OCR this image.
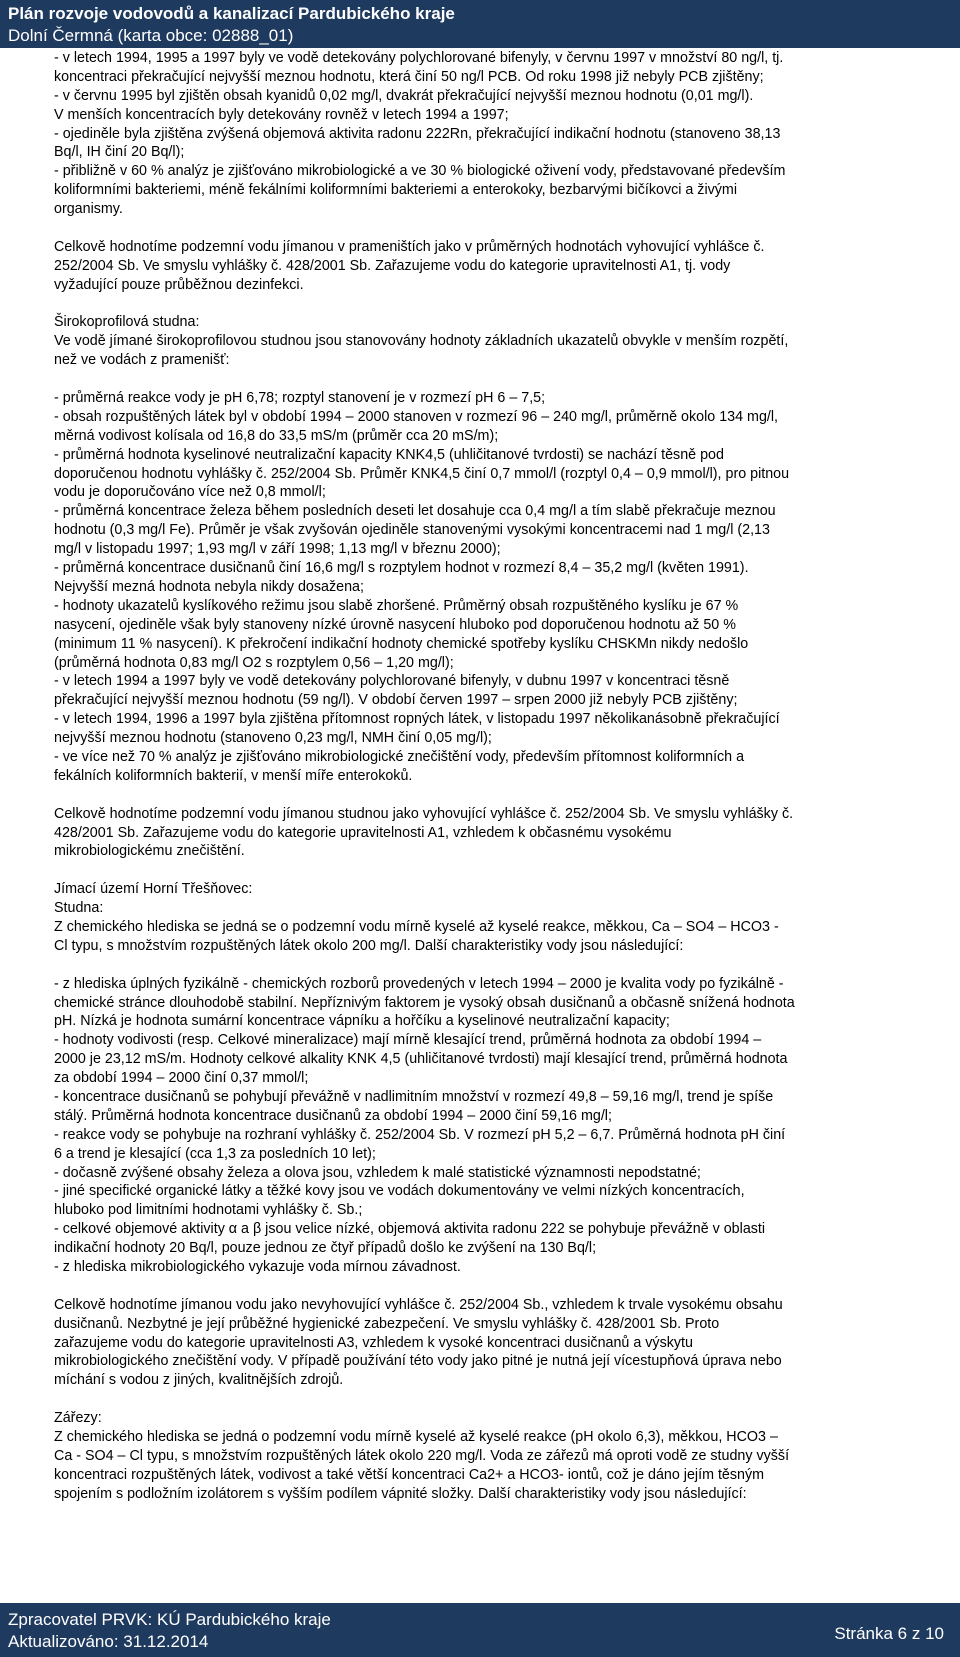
Plán rozvoje vodovodů a kanalizací Pardubického kraje

Dolní Čermná (karta obce: 02888_01)

- v letech 1994, 1995 a 1997 byly ve vodě detekovány polychlorované bifenyly, v červnu 1997 v množství 80 ng/l, tj.

koncentraci překračující nejvyšší meznou hodnotu, která činí 50 ng/l PCB. Od roku 1998 již nebyly PCB zjištěny;

- v červnu 1995 byl zjištěn obsah kyanidů 0,02 mg/l, dvakrát překračující nejvyšší meznou hodnotu (0,01 mg/l).

V menších koncentracích byly detekovány rovněž v letech 1994 a 1997;

- ojediněle byla zjištěna zvýšená objemová aktivita radonu 222Rn, překračující indikační hodnotu (stanoveno 38,13

Bq/l, IH činí 20 Bq/l);

- přibližně v 60 % analýz je zjišťováno mikrobiologické a ve 30 % biologické oživení vody, představované především

koliformními bakteriemi, méně fekálními koliformními bakteriemi a enterokoky, bezbarvými bičíkovci a živými

organismy.

Celkově hodnotíme podzemní vodu jímanou v prameništích jako v průměrných hodnotách vyhovující vyhlášce č.

252/2004 Sb. Ve smyslu vyhlášky č. 428/2001 Sb. Zařazujeme vodu do kategorie upravitelnosti A1, tj. vody

vyžadující pouze průběžnou dezinfekci.

Širokoprofilová studna:

Ve vodě jímané širokoprofilovou studnou jsou stanovovány hodnoty základních ukazatelů obvykle v menším rozpětí,

než ve vodách z pramenišť:

- průměrná reakce vody je pH 6,78; rozptyl stanovení je v rozmezí pH 6 – 7,5;

- obsah rozpuštěných látek byl v období 1994 – 2000 stanoven v rozmezí 96 – 240 mg/l, průměrně okolo 134 mg/l,

měrná vodivost kolísala od 16,8 do 33,5 mS/m (průměr cca 20 mS/m);

- průměrná hodnota kyselinové neutralizační kapacity KNK4,5 (uhličitanové tvrdosti) se nachází těsně pod

doporučenou hodnotu vyhlášky č. 252/2004 Sb. Průměr KNK4,5 činí 0,7 mmol/l (rozptyl 0,4 – 0,9 mmol/l), pro pitnou

vodu je doporučováno více než 0,8 mmol/l;

- průměrná koncentrace železa během posledních deseti let dosahuje cca 0,4 mg/l a tím slabě překračuje meznou

hodnotu (0,3 mg/l Fe). Průměr je však zvyšován ojediněle stanovenými vysokými koncentracemi nad 1 mg/l (2,13

mg/l v listopadu 1997; 1,93 mg/l v září 1998; 1,13 mg/l v březnu 2000);

- průměrná koncentrace dusičnanů činí 16,6 mg/l s rozptylem hodnot v rozmezí 8,4 – 35,2 mg/l (květen 1991).

Nejvyšší mezná hodnota nebyla nikdy dosažena;

- hodnoty ukazatelů kyslíkového režimu jsou slabě zhoršené. Průměrný obsah rozpuštěného kyslíku je 67 %

nasycení, ojediněle však byly stanoveny nízké úrovně nasycení hluboko pod doporučenou hodnotu až 50 %

(minimum 11 % nasycení). K překročení indikační hodnoty chemické spotřeby kyslíku CHSKMn nikdy nedošlo

(průměrná hodnota 0,83 mg/l O2 s rozptylem 0,56 – 1,20 mg/l);

- v letech 1994 a 1997 byly ve vodě detekovány polychlorované bifenyly, v dubnu 1997 v koncentraci těsně

překračující nejvyšší meznou hodnotu (59 ng/l). V období červen 1997 – srpen 2000 již nebyly PCB zjištěny;

- v letech 1994, 1996 a 1997 byla zjištěna přítomnost ropných látek, v listopadu 1997 několikanásobně překračující

nejvyšší meznou hodnotu (stanoveno 0,23 mg/l, NMH činí 0,05 mg/l);

- ve více než 70 % analýz je zjišťováno mikrobiologické znečištění vody, především přítomnost koliformních a

fekálních koliformních bakterií, v menší míře enterokoků.

Celkově hodnotíme podzemní vodu jímanou studnou jako vyhovující vyhlášce č. 252/2004 Sb. Ve smyslu vyhlášky č.

428/2001 Sb. Zařazujeme vodu do kategorie upravitelnosti A1, vzhledem k občasnému vysokému

mikrobiologickému znečištění.

Jímací území Horní Třešňovec:

Studna:

Z chemického hlediska se jedná se o podzemní vodu mírně kyselé až kyselé reakce, měkkou, Ca – SO4 – HCO3 -

Cl typu, s množstvím rozpuštěných látek okolo 200 mg/l. Další charakteristiky vody jsou následující:

- z hlediska úplných fyzikálně - chemických rozborů provedených v letech 1994 – 2000 je kvalita vody po fyzikálně -

chemické stránce dlouhodobě stabilní. Nepříznivým faktorem je vysoký obsah dusičnanů a občasně snížená hodnota

pH. Nízká je hodnota sumární koncentrace vápníku a hořčíku a kyselinové neutralizační kapacity;

- hodnoty vodivosti (resp. Celkové mineralizace) mají mírně klesající trend, průměrná hodnota za období 1994 –

2000 je 23,12 mS/m. Hodnoty celkové alkality KNK 4,5 (uhličitanové tvrdosti) mají klesající trend, průměrná hodnota

za období 1994 – 2000 činí 0,37 mmol/l;

- koncentrace dusičnanů se pohybují převážně v nadlimitním množství v rozmezí 49,8 – 59,16 mg/l, trend je spíše

stálý. Průměrná hodnota koncentrace dusičnanů za období 1994 – 2000 činí 59,16 mg/l;

- reakce vody se pohybuje na rozhraní vyhlášky č. 252/2004 Sb. V rozmezí pH 5,2 – 6,7. Průměrná hodnota pH činí

6 a trend je klesající (cca 1,3 za posledních 10 let);

- dočasně zvýšené obsahy železa a olova jsou, vzhledem k malé statistické významnosti nepodstatné;

- jiné specifické organické látky a těžké kovy jsou ve vodách dokumentovány ve velmi nízkých koncentracích,

hluboko pod limitními hodnotami vyhlášky č. Sb.;

- celkové objemové aktivity α a β jsou velice nízké, objemová aktivita radonu 222 se pohybuje převážně v oblasti

indikační hodnoty 20 Bq/l, pouze jednou ze čtyř případů došlo ke zvýšení na 130 Bq/l;

- z hlediska mikrobiologického vykazuje voda mírnou závadnost.

Celkově hodnotíme jímanou vodu jako nevyhovující vyhlášce č. 252/2004 Sb., vzhledem k trvale vysokému obsahu

dusičnanů. Nezbytné je její průběžné hygienické zabezpečení. Ve smyslu vyhlášky č. 428/2001 Sb. Proto

zařazujeme vodu do kategorie upravitelnosti A3, vzhledem k vysoké koncentraci dusičnanů a výskytu

mikrobiologického znečištění vody. V případě používání této vody jako pitné je nutná její vícestupňová úprava nebo

míchání s vodou z jiných, kvalitnějších zdrojů.

Zářezy:

Z chemického hlediska se jedná o podzemní vodu mírně kyselé až kyselé reakce (pH okolo 6,3), měkkou, HCO3 –

Ca - SO4 – Cl typu, s množstvím rozpuštěných látek okolo 220 mg/l. Voda ze zářezů má oproti vodě ze studny vyšší

koncentraci rozpuštěných látek, vodivost a také větší koncentraci Ca2+ a HCO3- iontů, což je dáno jejím těsným

spojením s podložním izolátorem s vyšším podílem vápnité složky. Další charakteristiky vody jsou následující:

Zpracovatel PRVK: KÚ Pardubického kraje

Aktualizováno: 31.12.2014	Stránka 6 z 10
